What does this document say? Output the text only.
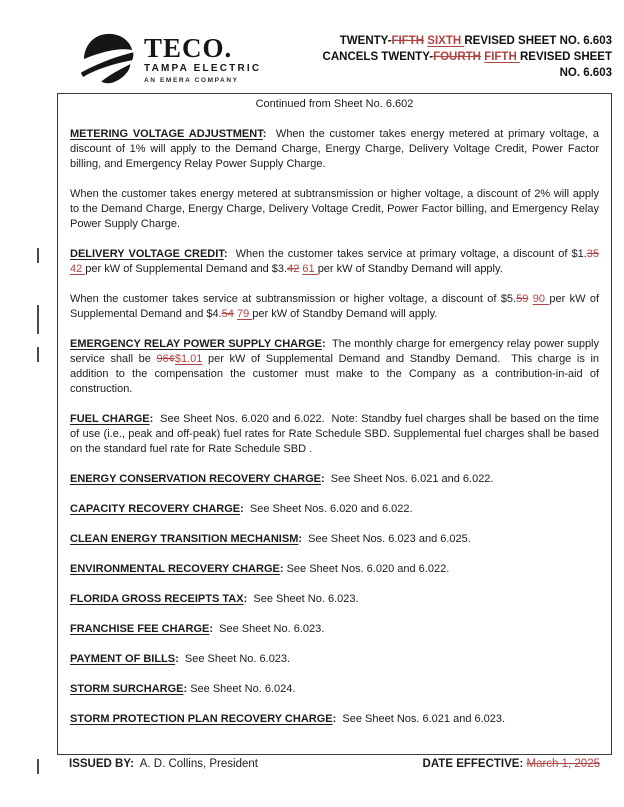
TECO.
TAMPA ELECTRIC
AN EMERA COMPANY
TWENTY-FIFTH SIXTH REVISED SHEET NO. 6.603
CANCELS TWENTY-FOURTH FIFTH REVISED SHEET
NO. 6.603
Continued from Sheet No. 6.602
METERING VOLTAGE ADJUSTMENT:  When the customer takes energy metered at primary voltage, a discount of 1% will apply to the Demand Charge, Energy Charge, Delivery Voltage Credit, Power Factor billing, and Emergency Relay Power Supply Charge.
When the customer takes energy metered at subtransmission or higher voltage, a discount of 2% will apply to the Demand Charge, Energy Charge, Delivery Voltage Credit, Power Factor billing, and Emergency Relay Power Supply Charge.
DELIVERY VOLTAGE CREDIT:  When the customer takes service at primary voltage, a discount of $1.35 42 per kW of Supplemental Demand and $3.42 61 per kW of Standby Demand will apply.
When the customer takes service at subtransmission or higher voltage, a discount of $5.59 90 per kW of Supplemental Demand and $4.54 79 per kW of Standby Demand will apply.
EMERGENCY RELAY POWER SUPPLY CHARGE:  The monthly charge for emergency relay power supply service shall be 96¢$1.01 per kW of Supplemental Demand and Standby Demand.  This charge is in addition to the compensation the customer must make to the Company as a contribution-in-aid of construction.
FUEL CHARGE:  See Sheet Nos. 6.020 and 6.022.  Note: Standby fuel charges shall be based on the time of use (i.e., peak and off-peak) fuel rates for Rate Schedule SBD. Supplemental fuel charges shall be based on the standard fuel rate for Rate Schedule SBD .
ENERGY CONSERVATION RECOVERY CHARGE:  See Sheet Nos. 6.021 and 6.022.
CAPACITY RECOVERY CHARGE:  See Sheet Nos. 6.020 and 6.022.
CLEAN ENERGY TRANSITION MECHANISM:  See Sheet Nos. 6.023 and 6.025.
ENVIRONMENTAL RECOVERY CHARGE: See Sheet Nos. 6.020 and 6.022.
FLORIDA GROSS RECEIPTS TAX:  See Sheet No. 6.023.
FRANCHISE FEE CHARGE:  See Sheet No. 6.023.
PAYMENT OF BILLS:  See Sheet No. 6.023.
STORM SURCHARGE: See Sheet No. 6.024.
STORM PROTECTION PLAN RECOVERY CHARGE:  See Sheet Nos. 6.021 and 6.023.
ISSUED BY:  A. D. Collins, President	DATE EFFECTIVE: March 1, 2025
